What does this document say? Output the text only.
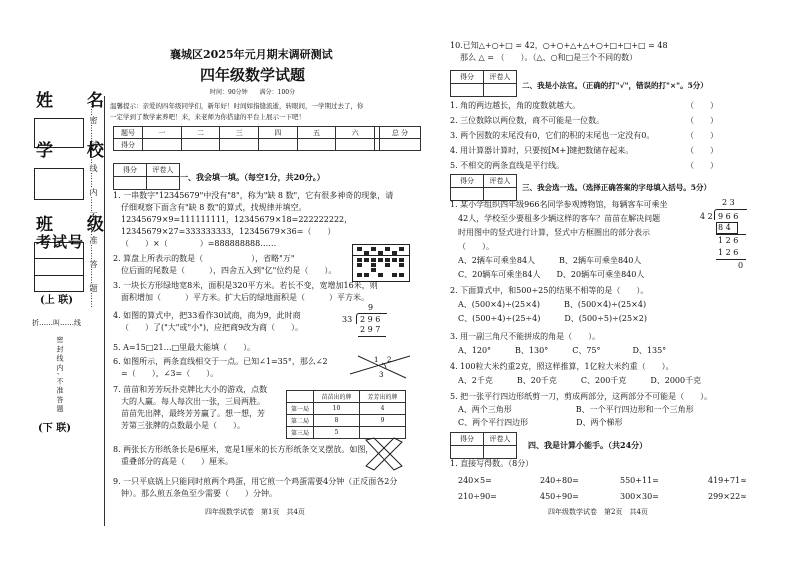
姓 名
学 校
班 级
考试号
(上 联)
折……叫……线
密 封 线 内 , 不 准 答 题
(下 联)
……密……封……线……内……不……准……答……题……
襄城区2025年元月期末调研测试
四年级数学试题
时间：90分钟　　满分：100分
温馨提示：亲爱的四年级同学们，新年好！时间如指缝流逝，转眼间，一学期过去了，你
一定学到了数学素养吧！来，来老师为你搭建的平台上展示一下吧！
题号	一	二	三	四	五	六		总 分
得分								
得分	评卷人

一、我会填一填。（每空1分，共20分。）

1. 一串数字"12345679"中没有"8"，称为"缺 8 数"，它有很多神奇的现象，请

仔细观察下面含有"缺 8 数"的算式，找规律并填空。

12345679×9=111111111，12345679×18=222222222，

12345679×27=333333333，12345679×36=（　　）

（　　）×（　　　　）=888888888……

2. 算盘上所表示的数是（　　　　　　），省略"万"

位后面的尾数是（　　　），四舍五入到"亿"位约是（　　）。

3. 一块长方形绿地宽8米，面积是320平方米。若长不变，宽增加16米，则

面积增加（　　　）平方米。扩大后的绿地面积是（　　　）平方米。

4. 如图的算式中，把33看作30试商，商为9，此时商

（　　）了("大"或"小")，应把商9改为商（　　）。

9
33 2 9 6
2 9 7

5. A=15□21…□里最大能填（　　）。

6. 如图所示，两条直线相交于一点。已知∠1=35°，那么∠2

=（　　），∠3=（　　）。

1 2
3

7. 苗苗和芳芳玩扑克牌比大小的游戏，点数

大的人赢。每人每次出一张，三局两胜。

苗苗先出牌，最终芳芳赢了。想一想，芳

芳第三张牌的点数最小是（　　）。

	苗苗出的牌	芳芳出的牌
第一局	10	4
第二局	8	9
第三局	5	

8. 两张长方形纸条长是6厘米，宽是1厘米的长方形纸条交叉摆放。如图，

重叠部分的高是（　　）厘米。

9. 一只平底锅上只能同时煎两个鸡蛋，用它煎一个鸡蛋需要4分钟（正反面各2分

钟）。那么煎五条鱼至少需要（　　）分钟。

四年级数学试卷　第1页　共4页

10.已知△+○+□ = 42，○+○+△+△+○+□+□+□ = 48

那么 △ = （　　）。（△、○和□是三个不同的数）

得分	评卷人

二、我是小法官。（正确的打"√"，错误的打"×"。5分）

1. 角的两边越长，角的度数就越大。

2. 三位数除以两位数，商不可能是一位数。

3. 两个因数的末尾没有0，它们的积的末尾也一定没有0。

4. 用计算器计算时，只要按[M+]键把数储存起来。

5. 不相交的两条直线是平行线。

（　　）

（　　）

（　　）

（　　）

（　　）

得分	评卷人

三、我会选一选。（选择正确答案的字母填入括号。5分）

1. 某小学组织四年级966名同学参观博物馆，每辆客车可乘坐

42人，学校至少要租多少辆这样的客车？苗苗在解决问题

时用图中的竖式进行计算，竖式中方框圈出的部分表示

（　　）。

A、2辆车可乘坐84人　　　B、2辆车可乘坐840人

C、20辆车可乘坐84人　　D、20辆车可乘坐840人

2 3
4 2 9 6 6
8 4
1 2 6
1 2 6
0

2. 下面算式中，和500÷25的结果不相等的是（　　）。

A、(500×4)÷(25×4)　　　B、(500×4)÷(25×4)

C、(500÷4)÷(25÷4)　　　D、(500÷5)÷(25×2)

3. 用一副三角尺不能拼成的角是（　　）。

A、120°　　　B、130°　　　C、75°　　　　D、135°

4. 100粒大米约重2克，照这样推算，1亿粒大米约重（　　）。

A、2千克　　　B、20千克　　　C、200千克　　　D、2000千克

5. 把一张平行四边形纸剪一刀，剪成两部分，这两部分不可能是（　　）。

A、两个三角形　　　　　　　　B、一个平行四边形和一个三角形

C、两个平行四边形　　　　　　D、两个梯形

得分	评卷人

四、我是计算小能手。（共24分）

1. 直接写得数。（8分）

240×5=	240÷80=	550+11=	419+71≈
210÷90=	450÷90=	300×30=	299×22≈
四年级数学试卷　第2页　共4页
